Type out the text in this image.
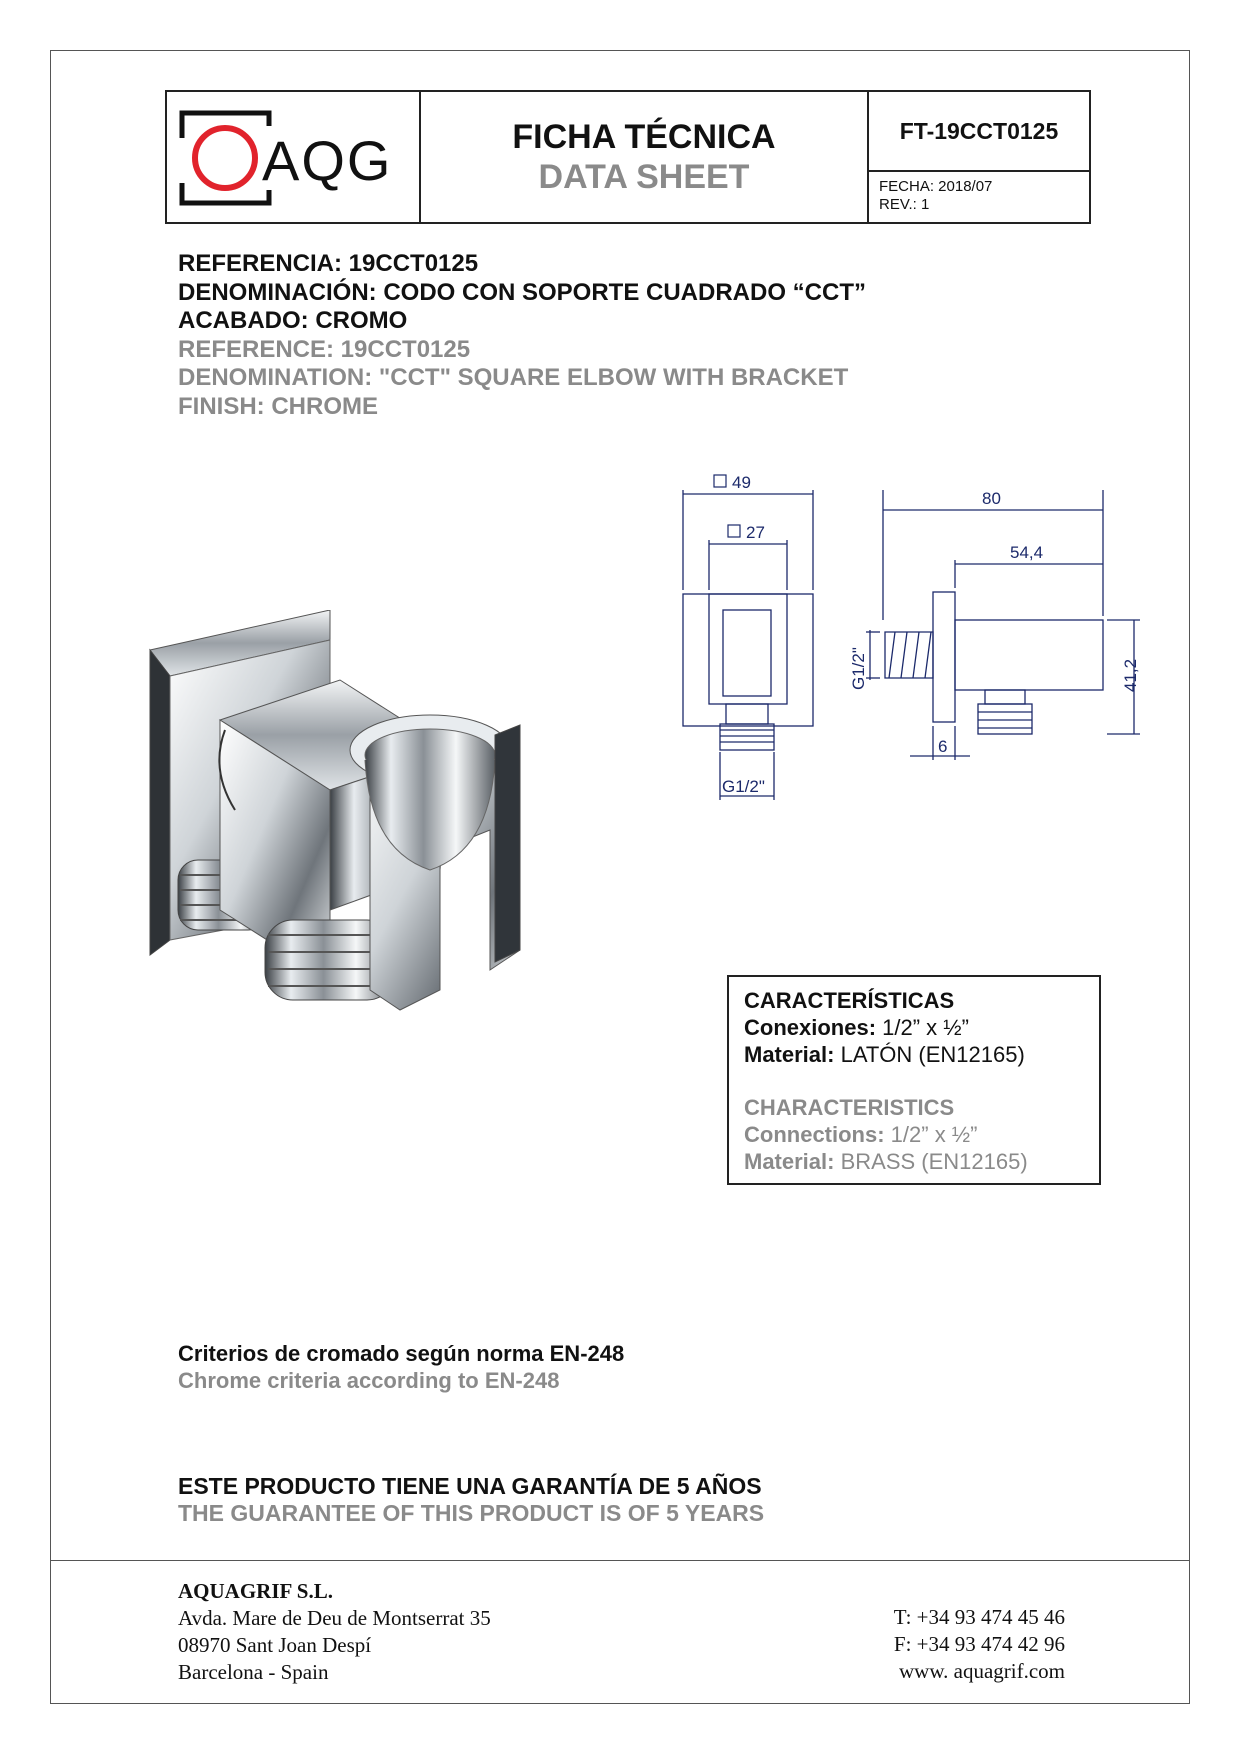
AQG	FICHA TÉCNICA
DATA SHEET
FT-19CCT0125
FECHA: 2018/07
REV.: 1
REFERENCIA: 19CCT0125
DENOMINACIÓN: CODO CON SOPORTE CUADRADO “CCT”
ACABADO: CROMO
REFERENCE: 19CCT0125
DENOMINATION: "CCT" SQUARE ELBOW WITH BRACKET
FINISH: CHROME
49
27
G1/2"
80
54,4
6
41,2
G1/2"
CARACTERÍSTICAS
Conexiones: 1/2” x ½”
Material: LATÓN (EN12165)
CHARACTERISTICS
Connections: 1/2” x ½”
Material: BRASS (EN12165)
Criterios de cromado según norma EN-248
Chrome criteria according to EN-248
ESTE PRODUCTO TIENE UNA GARANTÍA DE 5 AÑOS
THE GUARANTEE OF THIS PRODUCT IS OF 5 YEARS
AQUAGRIF S.L.
Avda. Mare de Deu de Montserrat 35
08970 Sant Joan Despí
Barcelona - Spain
T: +34 93 474 45 46
F: +34 93 474 42 96
www. aquagrif.com
